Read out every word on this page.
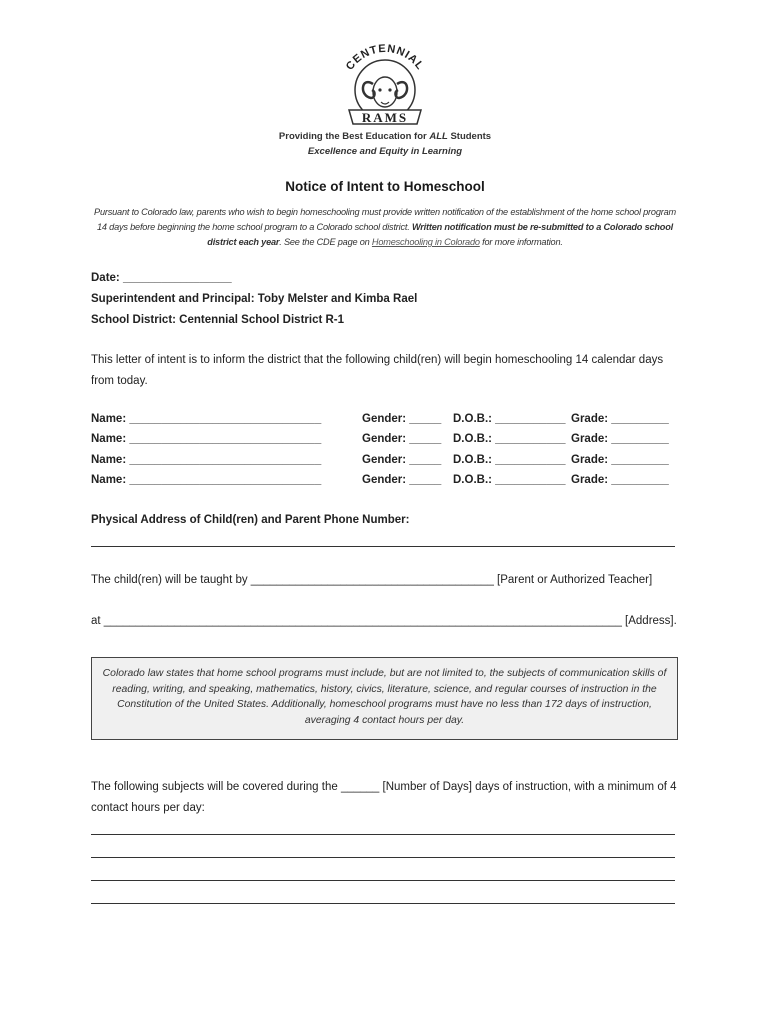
CENTENNIAL
RAMS
Providing the Best Education for ALL Students
Excellence and Equity in Learning
Notice of Intent to Homeschool
Pursuant to Colorado law, parents who wish to begin homeschooling must provide written notification of the establishment of the home school program 14 days before beginning the home school program to a Colorado school district. Written notification must be re-submitted to a Colorado school district each year. See the CDE page on Homeschooling in Colorado for more information.
Date: _________________
Superintendent and Principal: Toby Melster and Kimba Rael
School District: Centennial School District R-1
This letter of intent is to inform the district that the following child(ren) will begin homeschooling 14 calendar days from today.
Name: ______________________________	Gender: _____ D.O.B.: ___________ Grade: _________
Name: ______________________________	Gender: _____ D.O.B.: ___________ Grade: _________
Name: ______________________________	Gender: _____ D.O.B.: ___________ Grade: _________
Name: ______________________________	Gender: _____ D.O.B.: ___________ Grade: _________
Physical Address of Child(ren) and Parent Phone Number:
The child(ren) will be taught by ______________________________________ [Parent or Authorized Teacher]
at _________________________________________________________________________________ [Address].
Colorado law states that home school programs must include, but are not limited to, the subjects of communication skills of reading, writing, and speaking, mathematics, history, civics, literature, science, and regular courses of instruction in the Constitution of the United States. Additionally, homeschool programs must have no less than 172 days of instruction, averaging 4 contact hours per day.
The following subjects will be covered during the ______ [Number of Days] days of instruction, with a minimum of 4 contact hours per day:
